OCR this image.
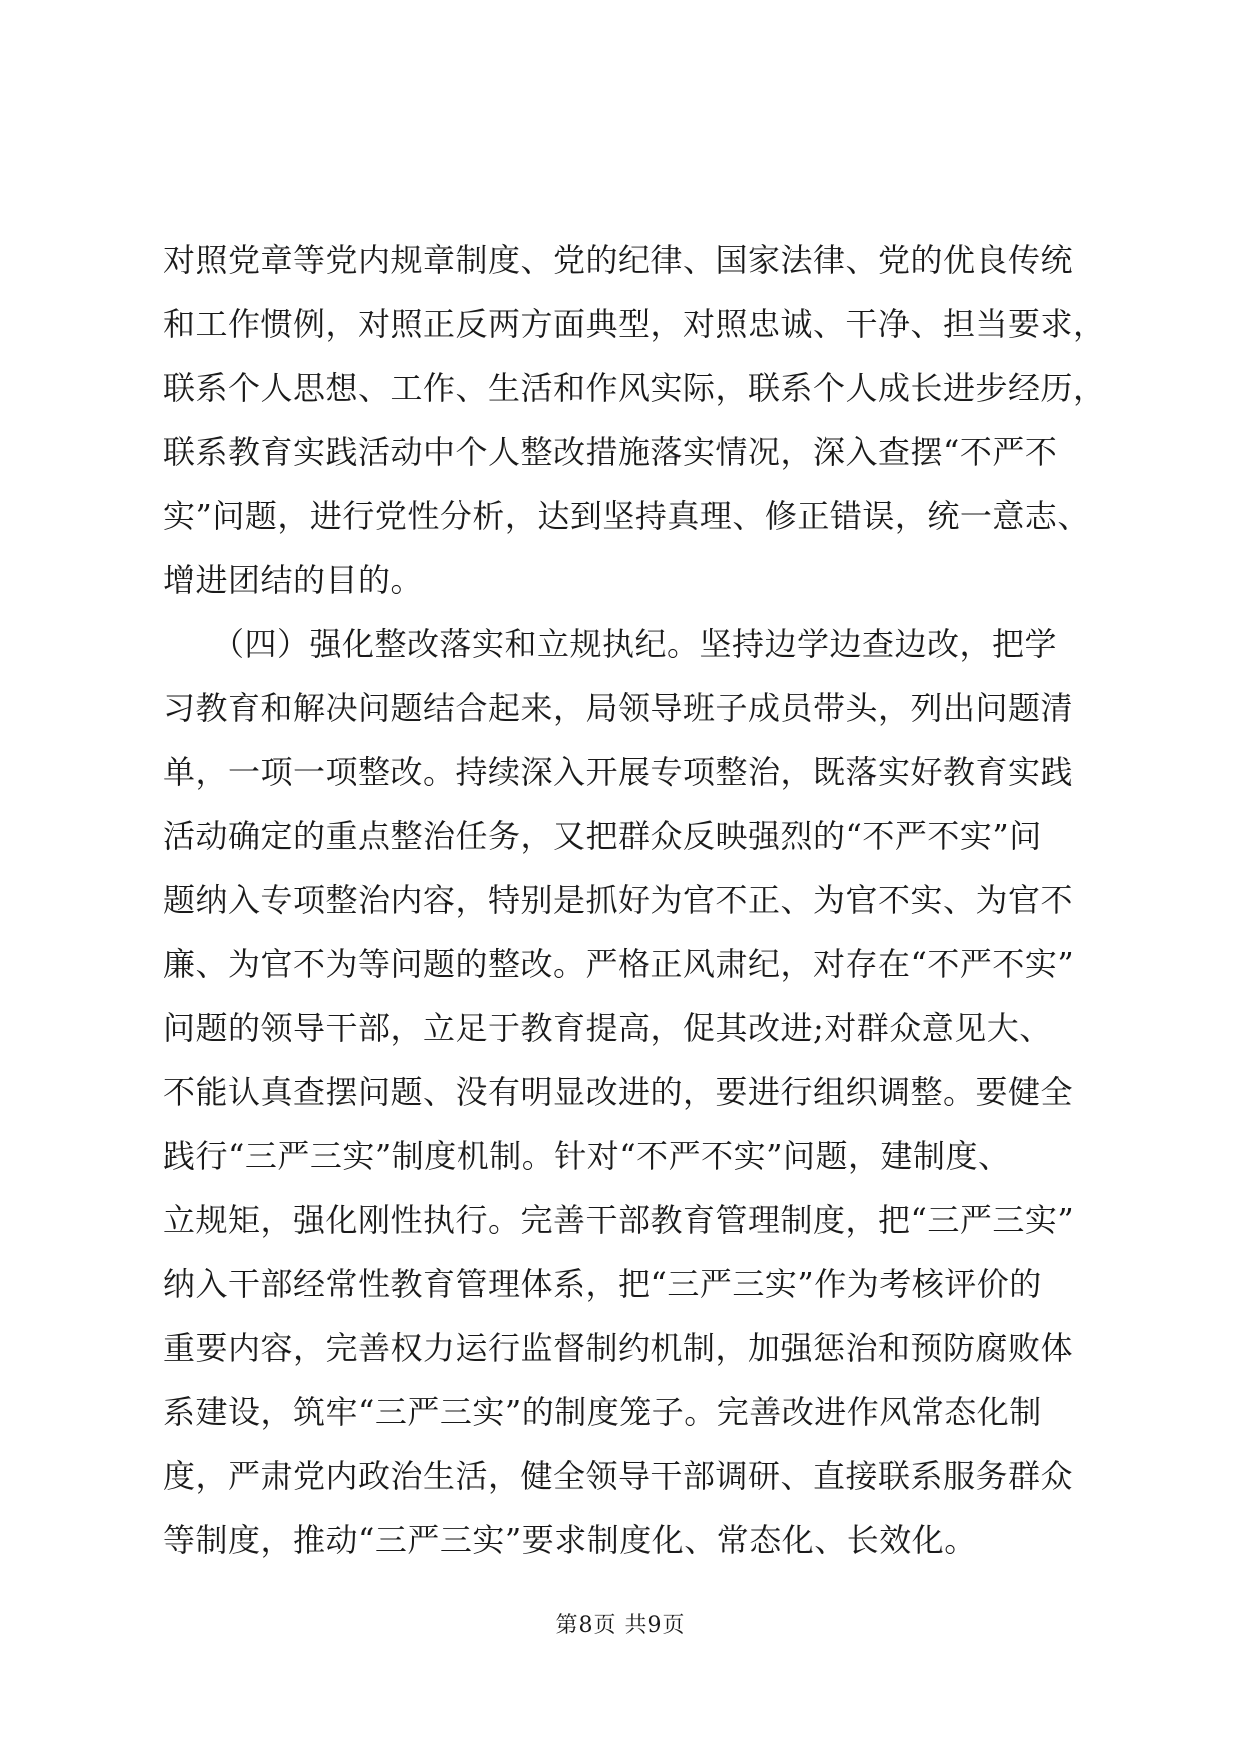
对照党章等党内规章制度、党的纪律、国家法律、党的优良传统
和工作惯例，对照正反两方面典型，对照忠诚、干净、担当要求，
联系个人思想、工作、生活和作风实际，联系个人成长进步经历，
联系教育实践活动中个人整改措施落实情况，深入查摆“不严不
实”问题，进行党性分析，达到坚持真理、修正错误，统一意志、
增进团结的目的。
　　（四）强化整改落实和立规执纪。坚持边学边查边改，把学
习教育和解决问题结合起来，局领导班子成员带头，列出问题清
单，一项一项整改。持续深入开展专项整治，既落实好教育实践
活动确定的重点整治任务，又把群众反映强烈的“不严不实”问
题纳入专项整治内容，特别是抓好为官不正、为官不实、为官不
廉、为官不为等问题的整改。严格正风肃纪，对存在“不严不实”
问题的领导干部，立足于教育提高，促其改进;对群众意见大、
不能认真查摆问题、没有明显改进的，要进行组织调整。要健全
践行“三严三实”制度机制。针对“不严不实”问题，建制度、
立规矩，强化刚性执行。完善干部教育管理制度，把“三严三实”
纳入干部经常性教育管理体系，把“三严三实”作为考核评价的
重要内容，完善权力运行监督制约机制，加强惩治和预防腐败体
系建设，筑牢“三严三实”的制度笼子。完善改进作风常态化制
度，严肃党内政治生活，健全领导干部调研、直接联系服务群众
等制度，推动“三严三实”要求制度化、常态化、长效化。
第8页 共9页
